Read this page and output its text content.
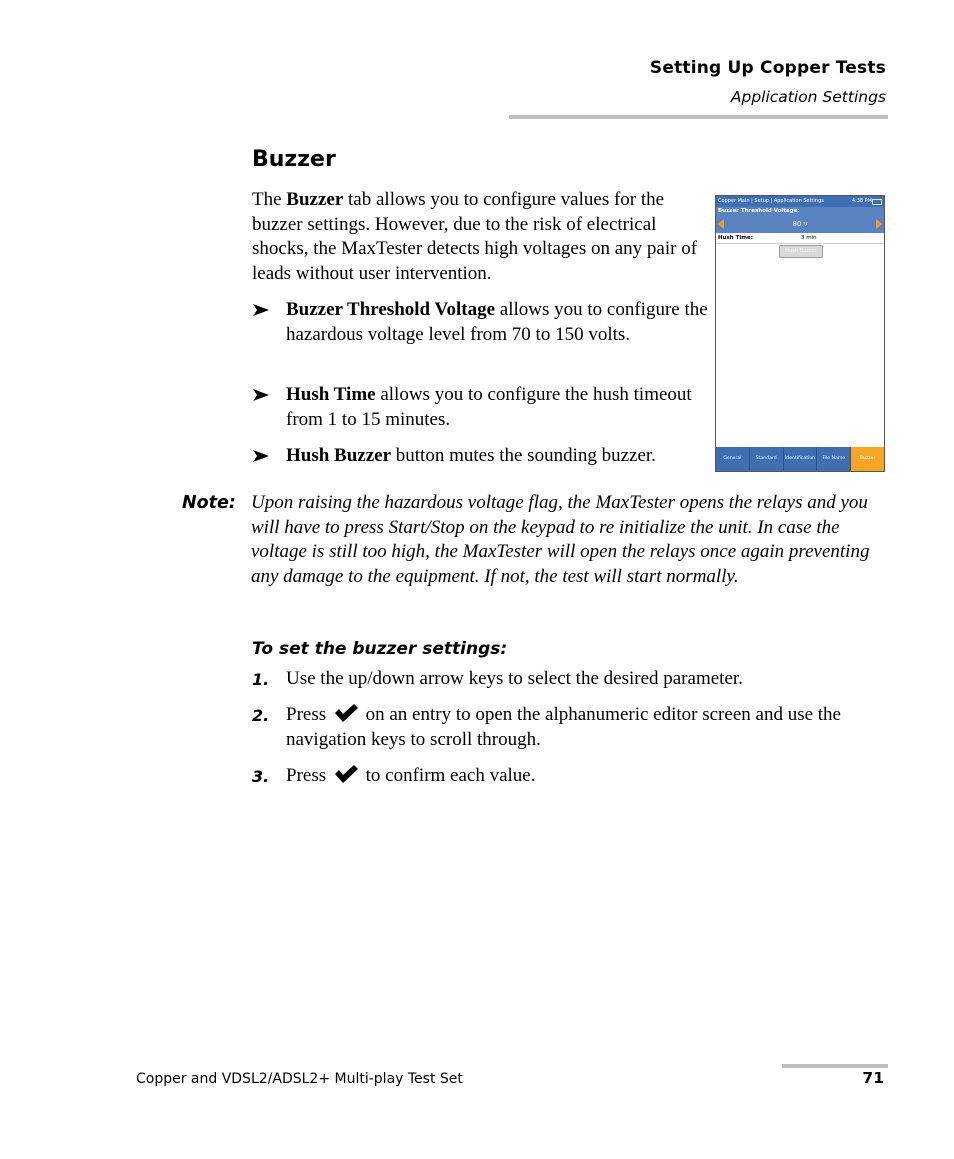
Setting Up Copper Tests
Application Settings
Buzzer
The Buzzer tab allows you to configure values for the buzzer settings. However, due to the risk of electrical shocks, the MaxTester detects high voltages on any pair of leads without user intervention.
Buzzer Threshold Voltage allows you to configure the hazardous voltage level from 70 to 150 volts.
Hush Time allows you to configure the hush timeout from 1 to 15 minutes.
Hush Buzzer button mutes the sounding buzzer.
Copper Main | Setup | Application Settings	4:38 PM
Buzzer Threshold Voltage:
80 v
Hush Time:	3 min
Hush Buzzer
General	Standard	Identification	File Name	Buzzer
Note: Upon raising the hazardous voltage flag, the MaxTester opens the relays and you will have to press Start/Stop on the keypad to re initialize the unit. In case the voltage is still too high, the MaxTester will open the relays once again preventing any damage to the equipment. If not, the test will start normally.
To set the buzzer settings:
1. Use the up/down arrow keys to select the desired parameter.
2. Press  on an entry to open the alphanumeric editor screen and use the navigation keys to scroll through.
3. Press  to confirm each value.
Copper and VDSL2/ADSL2+ Multi-play Test Set	71
